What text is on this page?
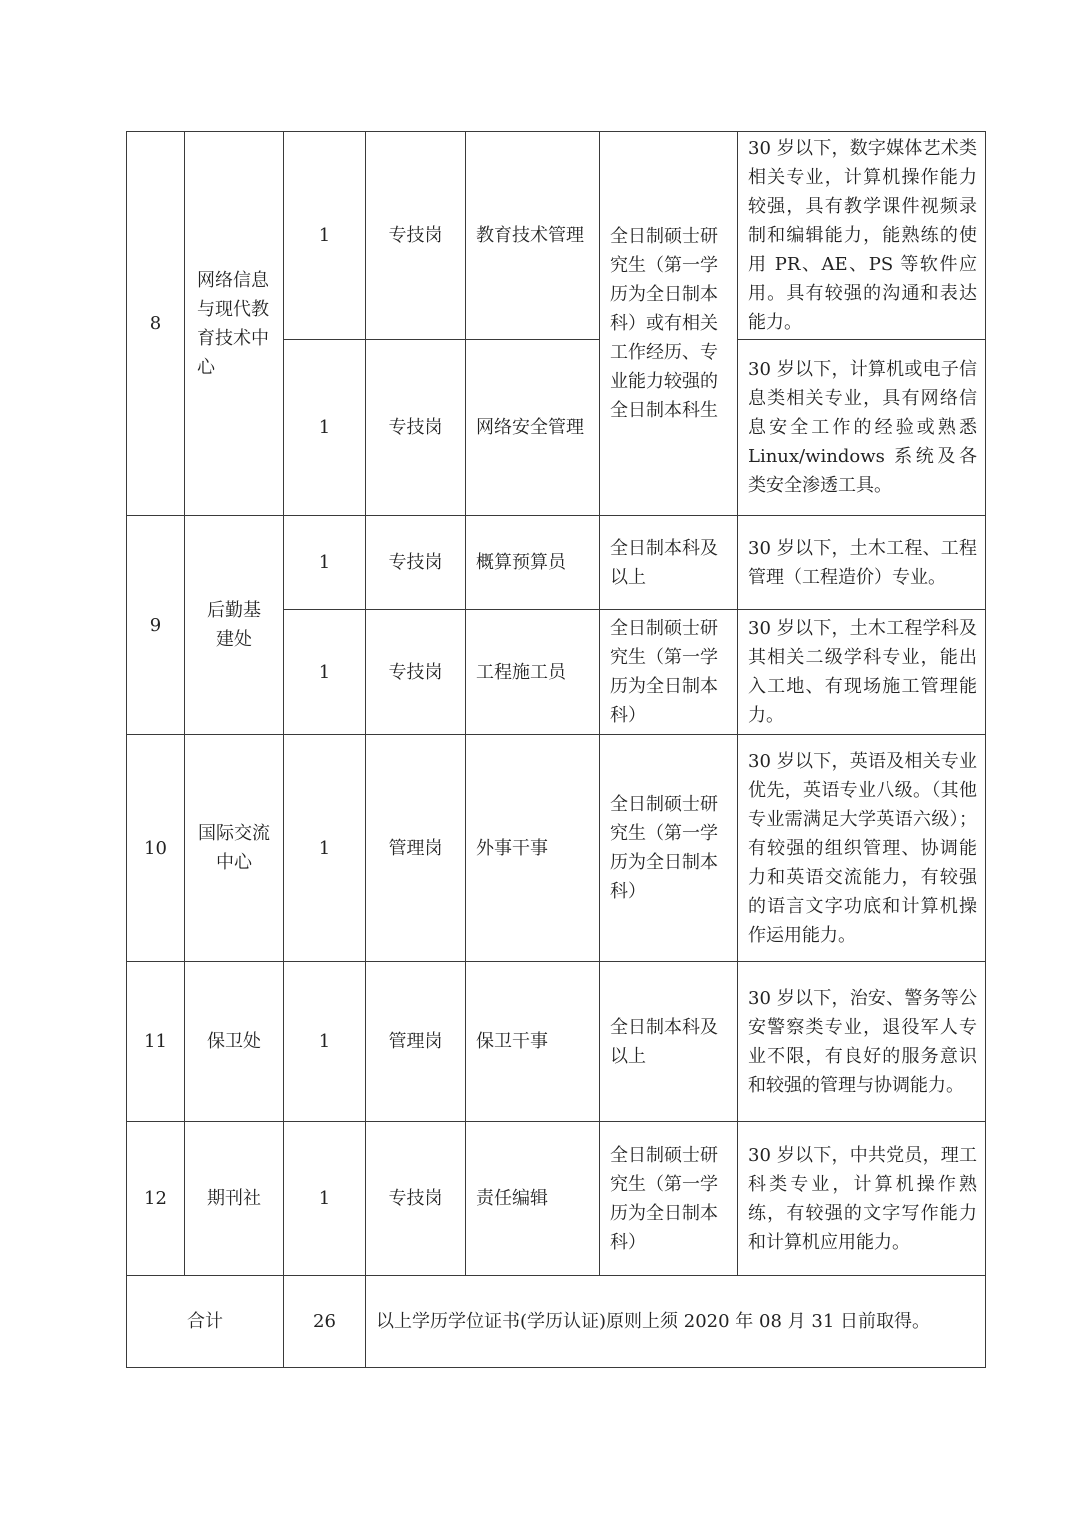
8	网络信息与现代教育技术中心	1	专技岗	教育技术管理	全日制硕士研究生（第一学历为全日制本科）或有相关工作经历、专业能力较强的全日制本科生	30 岁以下，数字媒体艺术类相关专业，计算机操作能力较强，具有教学课件视频录制和编辑能力，能熟练的使用 PR、AE、PS 等软件应用。具有较强的沟通和表达能力。
		1	专技岗	网络安全管理		30 岁以下，计算机或电子信息类相关专业，具有网络信息安全工作的经验或熟悉 Linux/windows 系统及各类安全渗透工具。
9	后勤基建处	1	专技岗	概算预算员	全日制本科及以上	30 岁以下，土木工程、工程管理（工程造价）专业。
		1	专技岗	工程施工员	全日制硕士研究生（第一学历为全日制本科）	30 岁以下，土木工程学科及其相关二级学科专业，能出入工地、有现场施工管理能力。
10	国际交流中心	1	管理岗	外事干事	全日制硕士研究生（第一学历为全日制本科）	30 岁以下，英语及相关专业优先，英语专业八级。（其他专业需满足大学英语六级）；有较强的组织管理、协调能力和英语交流能力，有较强的语言文字功底和计算机操作运用能力。
11	保卫处	1	管理岗	保卫干事	全日制本科及以上	30 岁以下，治安、警务等公安警察类专业，退役军人专业不限，有良好的服务意识和较强的管理与协调能力。
12	期刊社	1	专技岗	责任编辑	全日制硕士研究生（第一学历为全日制本科）	30 岁以下，中共党员，理工科类专业，计算机操作熟练，有较强的文字写作能力和计算机应用能力。
合计		26	以上学历学位证书(学历认证)原则上须 2020 年 08 月 31 日前取得。			
